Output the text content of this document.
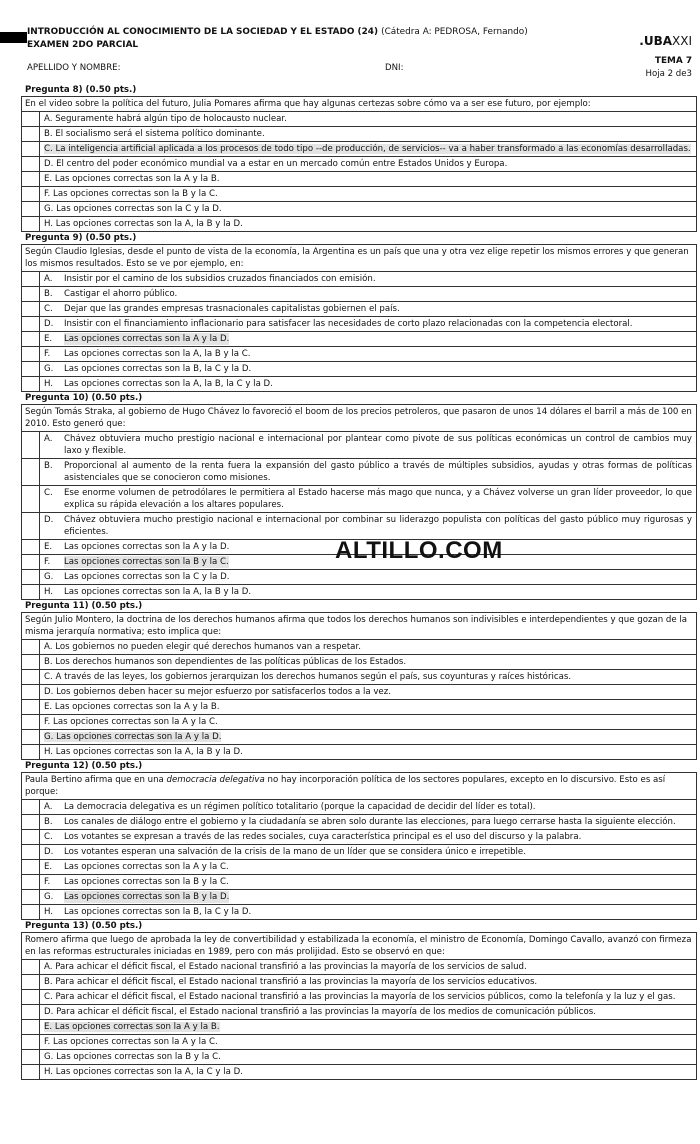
INTRODUCCIÓN AL CONOCIMIENTO DE LA SOCIEDAD Y EL ESTADO (24) (Cátedra A: PEDROSA, Fernando)
EXAMEN 2DO PARCIAL	.UBAXXI
TEMA 7
Hoja 2 de3
APELLIDO Y NOMBRE:	DNI:
Pregunta 8) (0.50 pts.)
En el video sobre la política del futuro, Julia Pomares afirma que hay algunas certezas sobre cómo va a ser ese futuro, por ejemplo:
A. Seguramente habrá algún tipo de holocausto nuclear.
B. El socialismo será el sistema político dominante.
C. La inteligencia artificial aplicada a los procesos de todo tipo --de producción, de servicios-- va a haber transformado a las economías desarrolladas.
D. El centro del poder económico mundial va a estar en un mercado común entre Estados Unidos y Europa.
E. Las opciones correctas son la A y la B.
F. Las opciones correctas son la B y la C.
G. Las opciones correctas son la C y la D.
H. Las opciones correctas son la A, la B y la D.
Pregunta 9) (0.50 pts.)
Según Claudio Iglesias, desde el punto de vista de la economía, la Argentina es un país que una y otra vez elige repetir los mismos errores y que generan los mismos resultados. Esto se ve por ejemplo, en:
A.	Insistir por el camino de los subsidios cruzados financiados con emisión.
B.	Castigar el ahorro público.
C.	Dejar que las grandes empresas trasnacionales capitalistas gobiernen el país.
D.	Insistir con el financiamiento inflacionario para satisfacer las necesidades de corto plazo relacionadas con la competencia electoral.
E.	Las opciones correctas son la A y la D.
F.	Las opciones correctas son la A, la B y la C.
G.	Las opciones correctas son la B, la C y la D.
H.	Las opciones correctas son la A, la B, la C y la D.
Pregunta 10) (0.50 pts.)
Según Tomás Straka, al gobierno de Hugo Chávez lo favoreció el boom de los precios petroleros, que pasaron de unos 14 dólares el barril a más de 100 en 2010. Esto generó que:
A.	Chávez obtuviera mucho prestigio nacional e internacional por plantear como pivote de sus políticas económicas un control de cambios muy laxo y flexible.
B.	Proporcional al aumento de la renta fuera la expansión del gasto público a través de múltiples subsidios, ayudas y otras formas de políticas asistenciales que se conocieron como misiones.
C.	Ese enorme volumen de petrodólares le permitiera al Estado hacerse más mago que nunca, y a Chávez volverse un gran líder proveedor, lo que explica su rápida elevación a los altares populares.
D.	Chávez obtuviera mucho prestigio nacional e internacional por combinar su liderazgo populista con políticas del gasto público muy rigurosas y eficientes.
E.	Las opciones correctas son la A y la D.
F.	Las opciones correctas son la B y la C.
G.	Las opciones correctas son la C y la D.
H.	Las opciones correctas son la A, la B y la D.
Pregunta 11) (0.50 pts.)
Según Julio Montero, la doctrina de los derechos humanos afirma que todos los derechos humanos son indivisibles e interdependientes y que gozan de la misma jerarquía normativa; esto implica que:
A. Los gobiernos no pueden elegir qué derechos humanos van a respetar.
B. Los derechos humanos son dependientes de las políticas públicas de los Estados.
C. A través de las leyes, los gobiernos jerarquizan los derechos humanos según el país, sus coyunturas y raíces históricas.
D. Los gobiernos deben hacer su mejor esfuerzo por satisfacerlos todos a la vez.
E. Las opciones correctas son la A y la B.
F. Las opciones correctas son la A y la C.
G. Las opciones correctas son la A y la D.
H. Las opciones correctas son la A, la B y la D.
Pregunta 12) (0.50 pts.)
Paula Bertino afirma que en una democracia delegativa no hay incorporación política de los sectores populares, excepto en lo discursivo. Esto es así porque:
A.	La democracia delegativa es un régimen político totalitario (porque la capacidad de decidir del líder es total).
B.	Los canales de diálogo entre el gobierno y la ciudadanía se abren solo durante las elecciones, para luego cerrarse hasta la siguiente elección.
C.	Los votantes se expresan a través de las redes sociales, cuya característica principal es el uso del discurso y la palabra.
D.	Los votantes esperan una salvación de la crisis de la mano de un líder que se considera único e irrepetible.
E.	Las opciones correctas son la A y la C.
F.	Las opciones correctas son la B y la C.
G.	Las opciones correctas son la B y la D.
H.	Las opciones correctas son la B, la C y la D.
Pregunta 13) (0.50 pts.)
Romero afirma que luego de aprobada la ley de convertibilidad y estabilizada la economía, el ministro de Economía, Domingo Cavallo, avanzó con firmeza en las reformas estructurales iniciadas en 1989, pero con más prolijidad. Esto se observó en que:
A. Para achicar el déficit fiscal, el Estado nacional transfirió a las provincias la mayoría de los servicios de salud.
B. Para achicar el déficit fiscal, el Estado nacional transfirió a las provincias la mayoría de los servicios educativos.
C. Para achicar el déficit fiscal, el Estado nacional transfirió a las provincias la mayoría de los servicios públicos, como la telefonía y la luz y el gas.
D. Para achicar el déficit fiscal, el Estado nacional transfirió a las provincias la mayoría de los medios de comunicación públicos.
E. Las opciones correctas son la A y la B.
F. Las opciones correctas son la A y la C.
G. Las opciones correctas son la B y la C.
H. Las opciones correctas son la A, la C y la D.
ALTILLO.COM
